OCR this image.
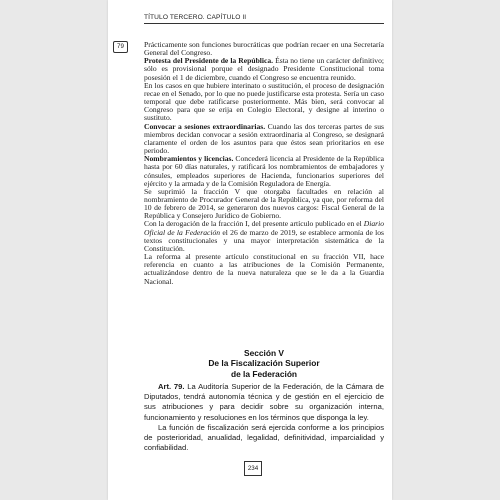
TÍTULO TERCERO. CAPÍTULO II
79	Prácticamente son funciones burocráticas que podrían recaer en una Secretaría General del Congreso.

Protesta del Presidente de la República. Ésta no tiene un carácter definitivo; sólo es provisional porque el designado Presidente Constitucional toma posesión el 1 de diciembre, cuando el Congreso se encuentra reunido.

En los casos en que hubiere interinato o sustitución, el proceso de designación recae en el Senado, por lo que no puede justificarse esta protesta. Sería un caso temporal que debe ratificarse posteriormente. Más bien, será convocar al Congreso para que se erija en Colegio Electoral, y designe al interino o sustituto.

Convocar a sesiones extraordinarias. Cuando las dos terceras partes de sus miembros decidan convocar a sesión extraordinaria al Congreso, se designará claramente el orden de los asuntos para que éstos sean prioritarios en ese periodo.

Nombramientos y licencias. Concederá licencia al Presidente de la República hasta por 60 días naturales, y ratificará los nombramientos de embajadores y cónsules, empleados superiores de Hacienda, funcionarios superiores del ejército y la armada y de la Comisión Reguladora de Energía.

Se suprimió la fracción V que otorgaba facultades en relación al nombramiento de Procurador General de la República, ya que, por reforma del 10 de febrero de 2014, se generaron dos nuevos cargos: Fiscal General de la República y Consejero Jurídico de Gobierno.

Con la derogación de la fracción I, del presente artículo publicado en el Diario Oficial de la Federación el 26 de marzo de 2019, se establece armonía de los textos constitucionales y una mayor interpretación sistemática de la Constitución.

La reforma al presente artículo constitucional en su fracción VII, hace referencia en cuanto a las atribuciones de la Comisión Permanente, actualizándose dentro de la nueva naturaleza que se le da a la Guardia Nacional.

Sección V
De la Fiscalización Superior
de la Federación

Art. 79. La Auditoría Superior de la Federación, de la Cámara de Diputados, tendrá autonomía técnica y de gestión en el ejercicio de sus atribuciones y para decidir sobre su organización interna, funcionamiento y resoluciones en los términos que disponga la ley.

La función de fiscalización será ejercida conforme a los principios de posterioridad, anualidad, legalidad, definitividad, imparcialidad y confiabilidad.

234
